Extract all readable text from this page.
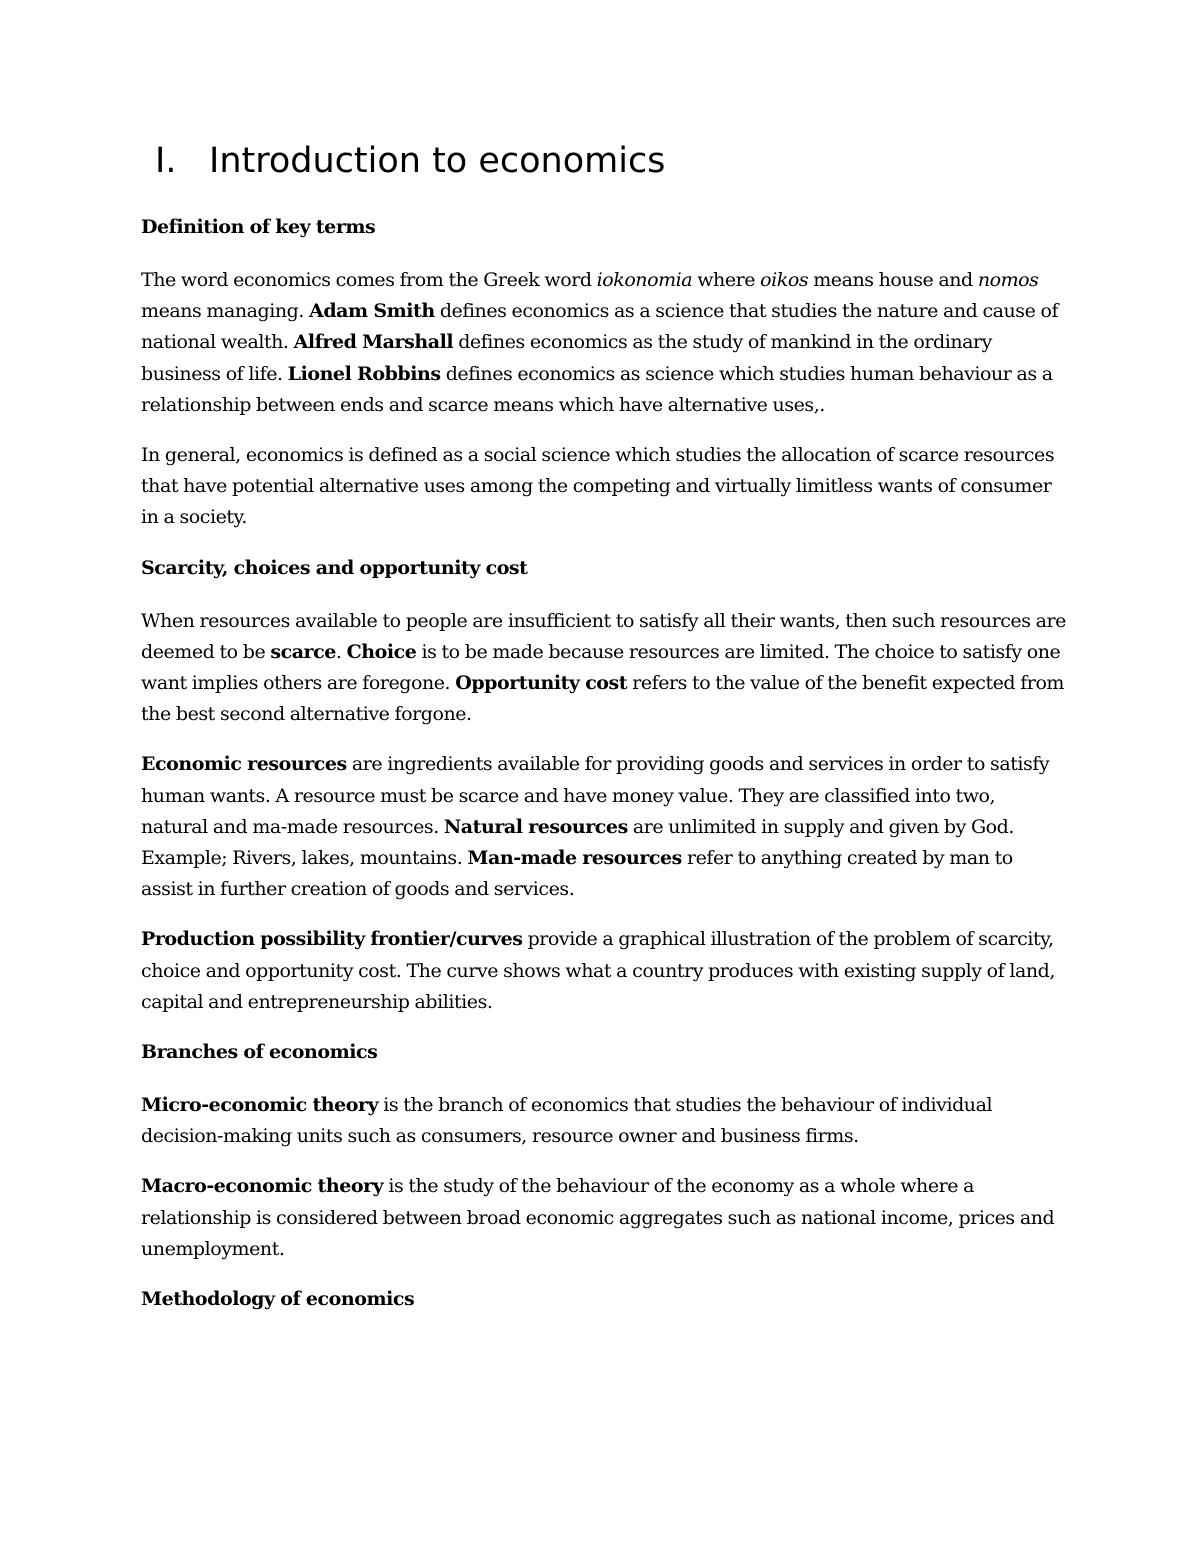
I. Introduction to economics
Definition of key terms
The word economics comes from the Greek word iokonomia where oikos means house and nomos means managing. Adam Smith defines economics as a science that studies the nature and cause of national wealth. Alfred Marshall defines economics as the study of mankind in the ordinary business of life. Lionel Robbins defines economics as science which studies human behaviour as a relationship between ends and scarce means which have alternative uses,.
In general, economics is defined as a social science which studies the allocation of scarce resources that have potential alternative uses among the competing and virtually limitless wants of consumer in a society.
Scarcity, choices and opportunity cost
When resources available to people are insufficient to satisfy all their wants, then such resources are deemed to be scarce. Choice is to be made because resources are limited. The choice to satisfy one want implies others are foregone. Opportunity cost refers to the value of the benefit expected from the best second alternative forgone.
Economic resources are ingredients available for providing goods and services in order to satisfy human wants. A resource must be scarce and have money value. They are classified into two, natural and ma-made resources. Natural resources are unlimited in supply and given by God. Example; Rivers, lakes, mountains. Man-made resources refer to anything created by man to assist in further creation of goods and services.
Production possibility frontier/curves provide a graphical illustration of the problem of scarcity, choice and opportunity cost. The curve shows what a country produces with existing supply of land, capital and entrepreneurship abilities.
Branches of economics
Micro-economic theory is the branch of economics that studies the behaviour of individual decision-making units such as consumers, resource owner and business firms.
Macro-economic theory is the study of the behaviour of the economy as a whole where a relationship is considered between broad economic aggregates such as national income, prices and unemployment.
Methodology of economics
